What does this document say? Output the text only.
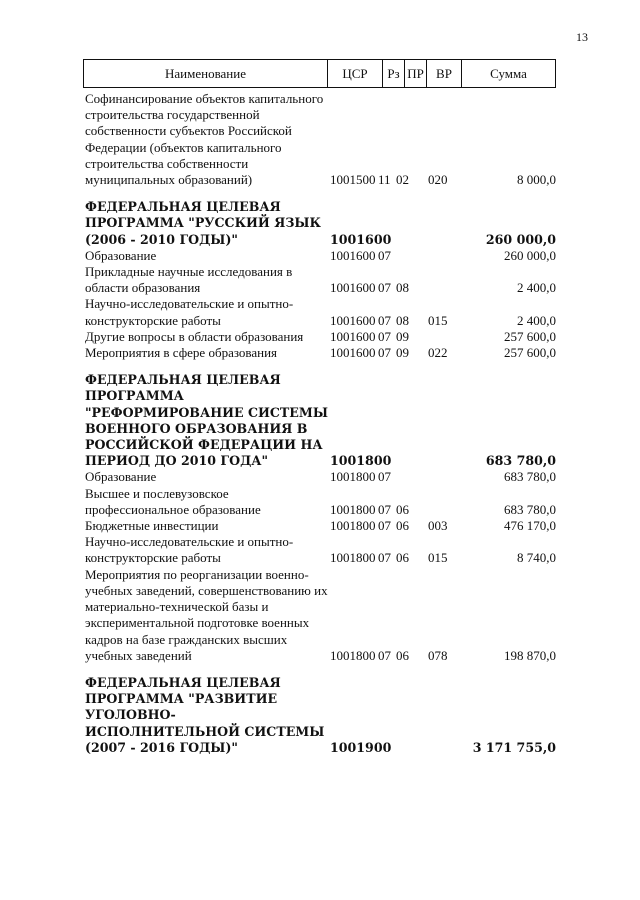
13
Наименование	ЦСР	Рз ПР ВР	Сумма
Софинансирование объектов капитального строительства государственной собственности субъектов Российской Федерации (объектов капитального строительства собственности муниципальных образований)	1001500 11 02	020	8 000,0
ФЕДЕРАЛЬНАЯ ЦЕЛЕВАЯ ПРОГРАММА "РУССКИЙ ЯЗЫК (2006 - 2010 ГОДЫ)"	1001600	260 000,0
Образование	1001600 07	260 000,0
Прикладные научные исследования в области образования	1001600 07 08	2 400,0
Научно-исследовательские и опытно-конструкторские работы	1001600 07 08	015	2 400,0
Другие вопросы в области образования	1001600 07 09	257 600,0
Мероприятия в сфере образования	1001600 07 09	022	257 600,0
ФЕДЕРАЛЬНАЯ ЦЕЛЕВАЯ ПРОГРАММА "РЕФОРМИРОВАНИЕ СИСТЕМЫ ВОЕННОГО ОБРАЗОВАНИЯ В РОССИЙСКОЙ ФЕДЕРАЦИИ НА ПЕРИОД ДО 2010 ГОДА"	1001800	683 780,0
Образование	1001800 07	683 780,0
Высшее и послевузовское профессиональное образование	1001800 07 06	683 780,0
Бюджетные инвестиции	1001800 07 06	003	476 170,0
Научно-исследовательские и опытно-конструкторские работы	1001800 07 06	015	8 740,0
Мероприятия по реорганизации военно-учебных заведений, совершенствованию их материально-технической базы и экспериментальной подготовке военных кадров на базе гражданских высших учебных заведений	1001800 07 06	078	198 870,0
ФЕДЕРАЛЬНАЯ ЦЕЛЕВАЯ ПРОГРАММА "РАЗВИТИЕ УГОЛОВНО-ИСПОЛНИТЕЛЬНОЙ СИСТЕМЫ (2007 - 2016 ГОДЫ)"	1001900	3 171 755,0
